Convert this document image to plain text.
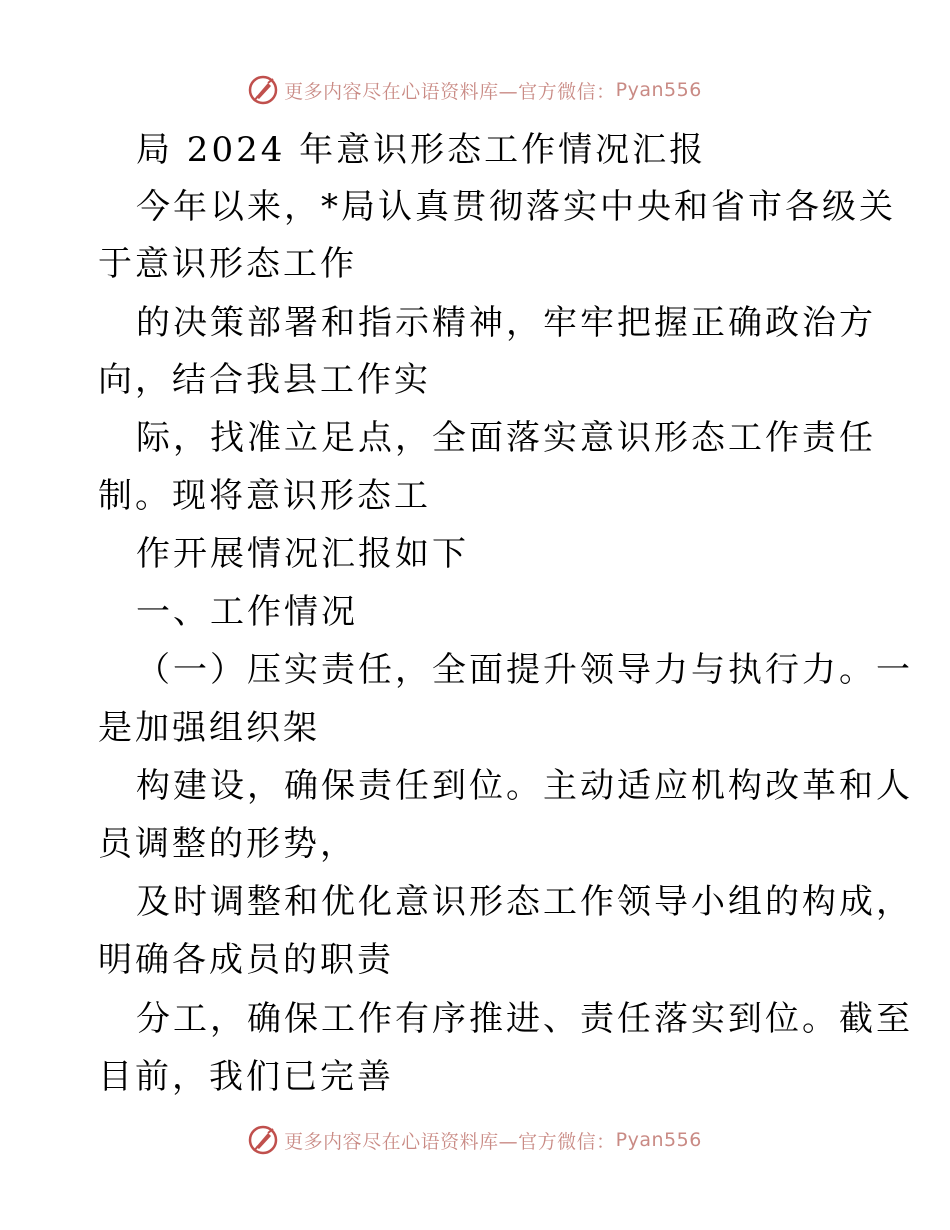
更多内容尽在心语资料库—官方微信： Pyan556
局 2024 年意识形态工作情况汇报
今年以来，*局认真贯彻落实中央和省市各级关
于意识形态工作
的决策部署和指示精神，牢牢把握正确政治方
向，结合我县工作实
际，找准立足点，全面落实意识形态工作责任
制。现将意识形态工
作开展情况汇报如下
一、工作情况
（一）压实责任，全面提升领导力与执行力。一
是加强组织架
构建设，确保责任到位。主动适应机构改革和人
员调整的形势，
及时调整和优化意识形态工作领导小组的构成，
明确各成员的职责
分工，确保工作有序推进、责任落实到位。截至
目前，我们已完善
更多内容尽在心语资料库—官方微信： Pyan556
